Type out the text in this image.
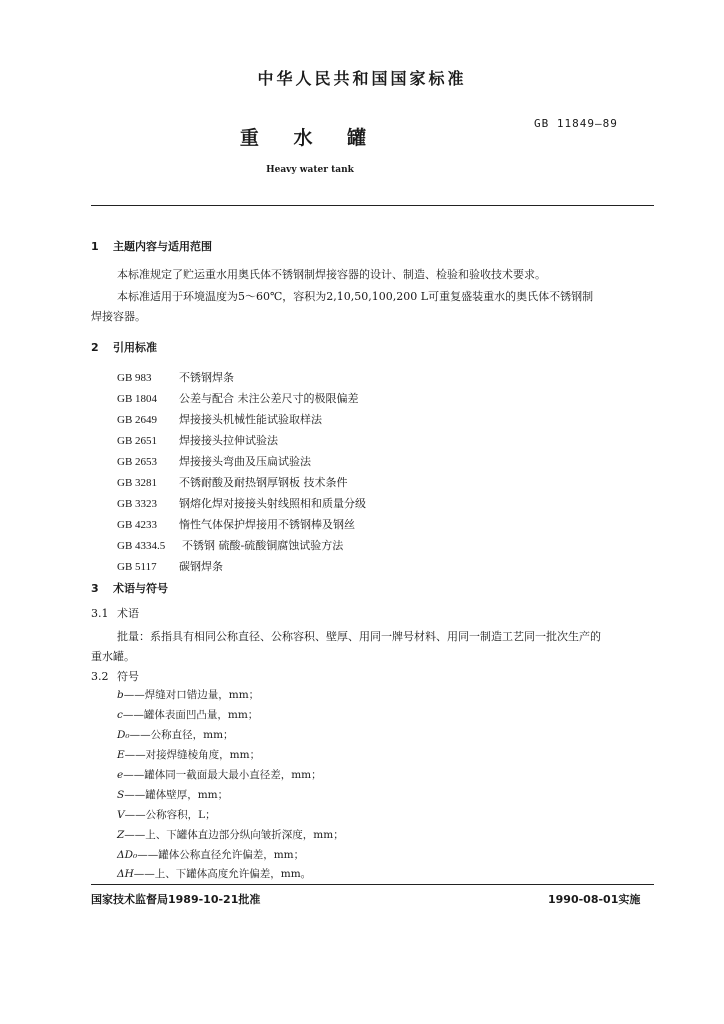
中华人民共和国国家标准
GB 11849—89
重 水 罐
Heavy water tank
1 主题内容与适用范围
本标准规定了贮运重水用奥氏体不锈钢制焊接容器的设计、制造、检验和验收技术要求。
本标准适用于环境温度为5～60℃，容积为2,10,50,100,200 L可重复盛装重水的奥氏体不锈钢制
焊接容器。
2 引用标准
GB 983 不锈钢焊条
GB 1804 公差与配合 未注公差尺寸的极限偏差
GB 2649 焊接接头机械性能试验取样法
GB 2651 焊接接头拉伸试验法
GB 2653 焊接接头弯曲及压扁试验法
GB 3281 不锈耐酸及耐热钢厚钢板 技术条件
GB 3323 钢熔化焊对接接头射线照相和质量分级
GB 4233 惰性气体保护焊接用不锈钢棒及钢丝
GB 4334.5 不锈钢 硫酸-硫酸铜腐蚀试验方法
GB 5117 碳钢焊条
3 术语与符号
3.1 术语
批量：系指具有相同公称直径、公称容积、壁厚、用同一牌号材料、用同一制造工艺同一批次生产的
重水罐。
3.2 符号
b——焊缝对口错边量，mm；
c——罐体表面凹凸量，mm；
D₀——公称直径，mm；
E——对接焊缝棱角度，mm；
e——罐体同一截面最大最小直径差，mm；
S——罐体壁厚，mm；
V——公称容积，L；
Z——上、下罐体直边部分纵向皱折深度，mm；
ΔD₀——罐体公称直径允许偏差，mm；
ΔH——上、下罐体高度允许偏差，mm。
国家技术监督局1989-10-21批准	1990-08-01实施
